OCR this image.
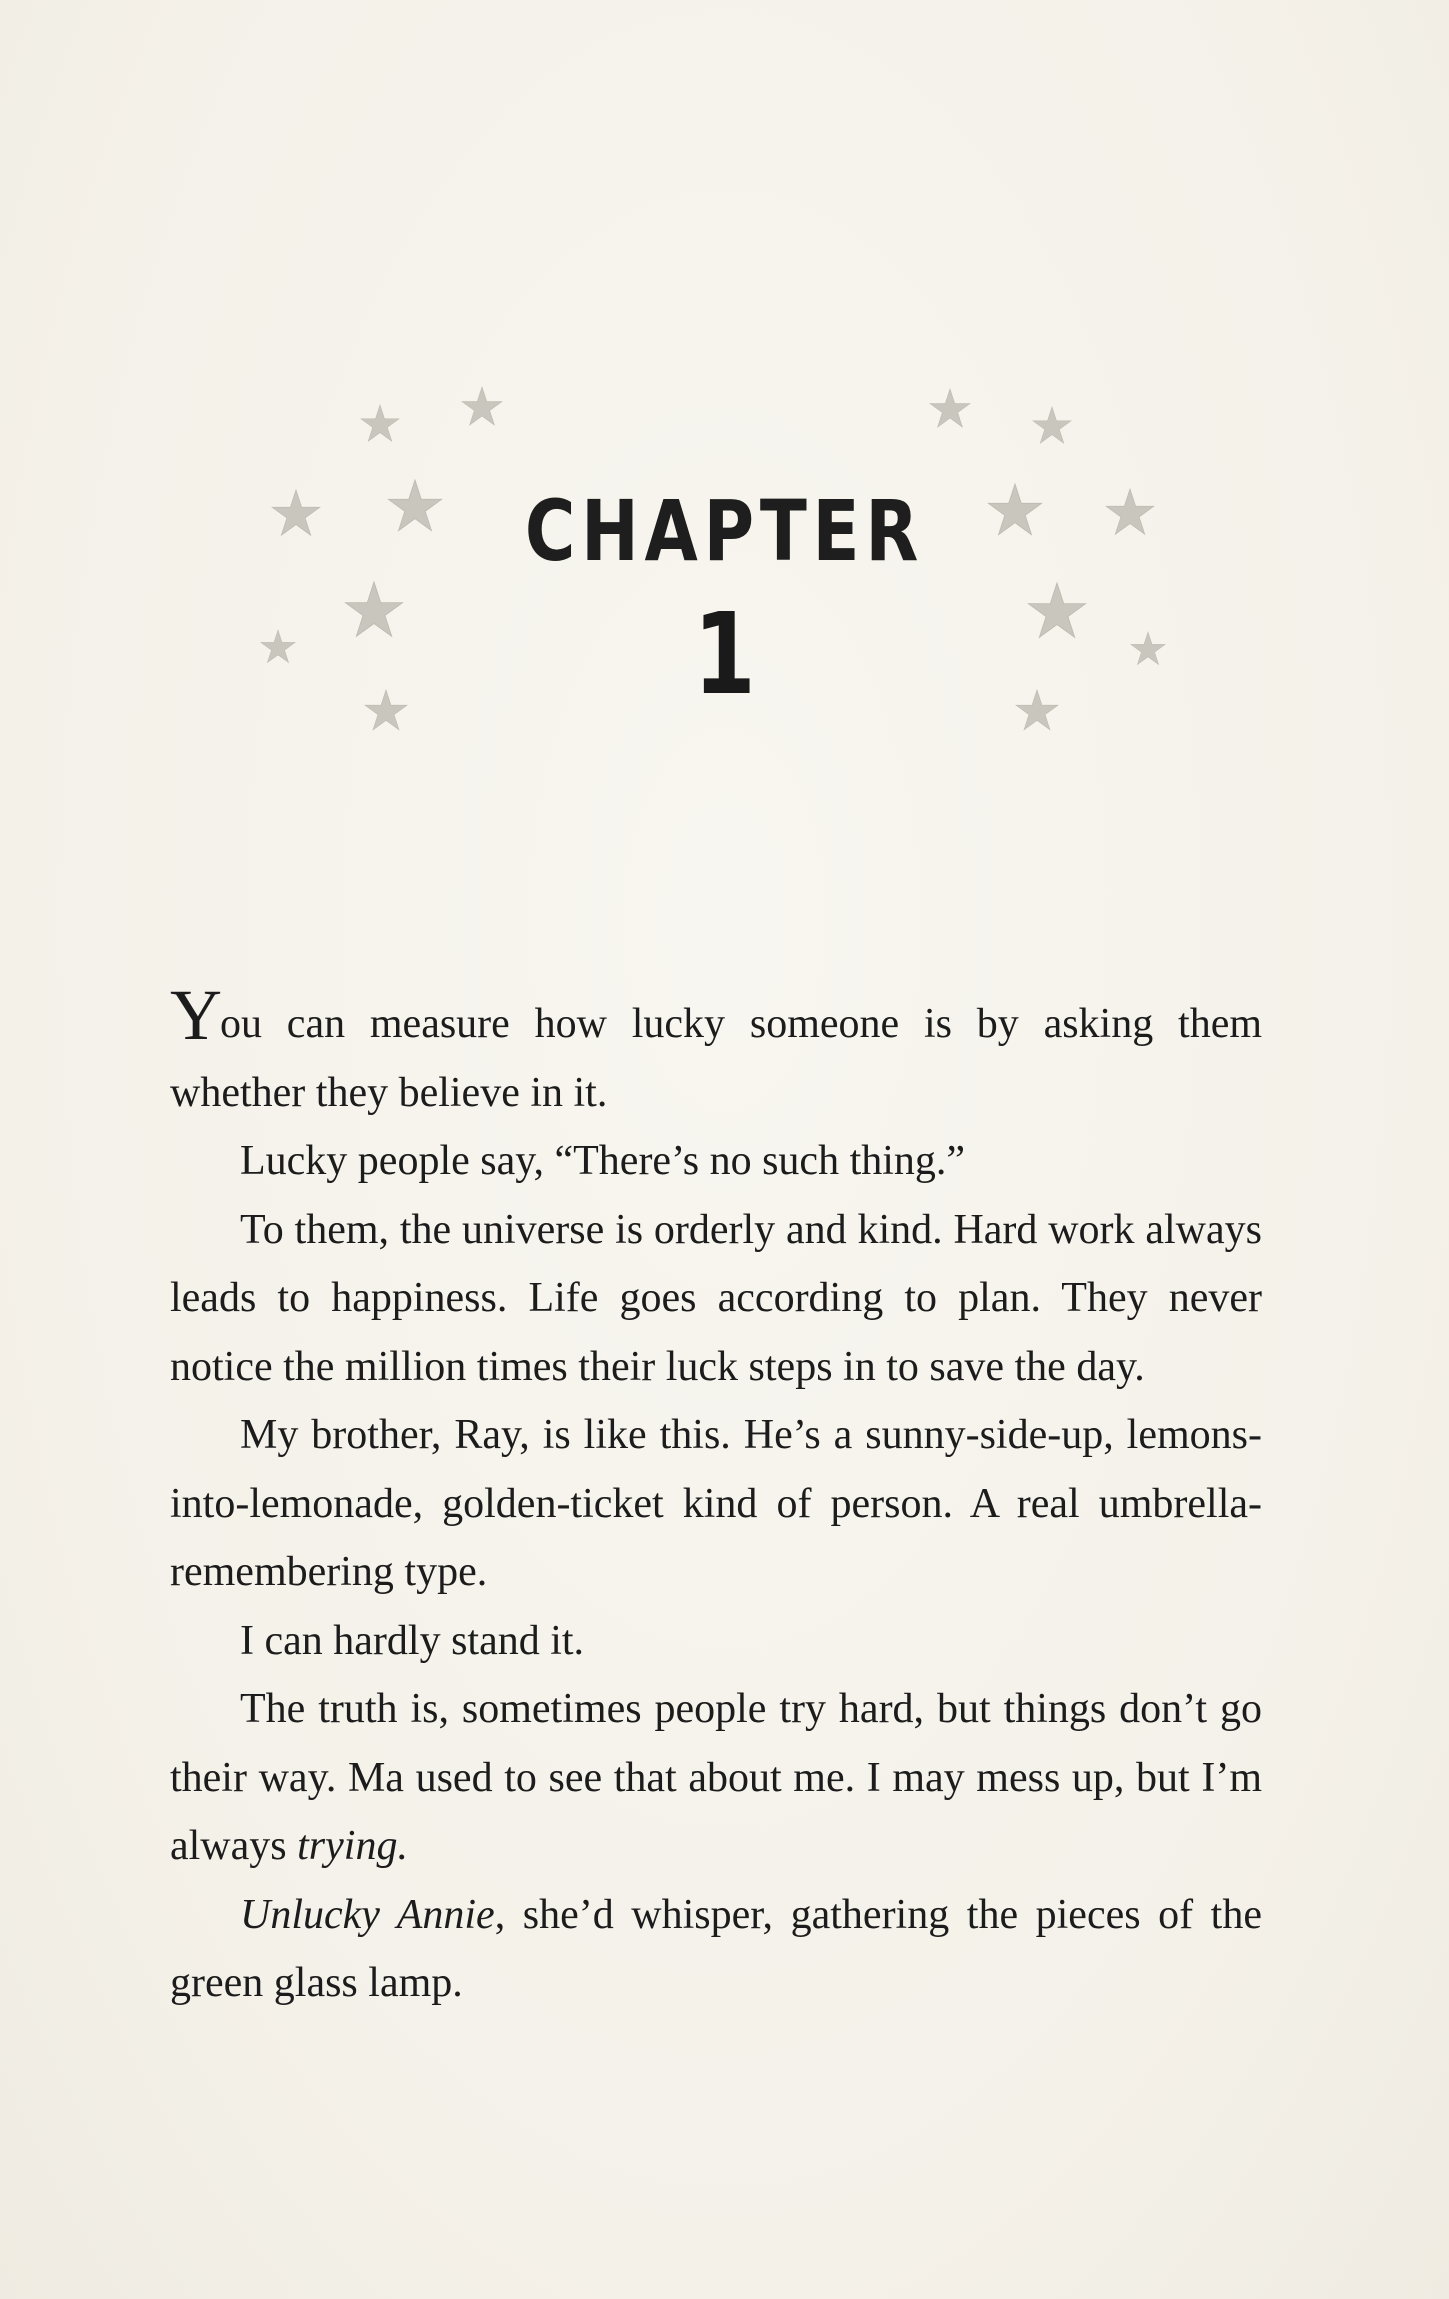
CHAPTER
1

You can measure how lucky someone is by asking them whether they believe in it.

Lucky people say, “There’s no such thing.”

To them, the universe is orderly and kind. Hard work always leads to happiness. Life goes according to plan. They never notice the million times their luck steps in to save the day.

My brother, Ray, is like this. He’s a sunny-side-up, lemons-into-lemonade, golden-ticket kind of person. A real umbrella-remembering type.

I can hardly stand it.

The truth is, sometimes people try hard, but things don’t go their way. Ma used to see that about me. I may mess up, but I’m always trying.

Unlucky Annie, she’d whisper, gathering the pieces of the green glass lamp.
